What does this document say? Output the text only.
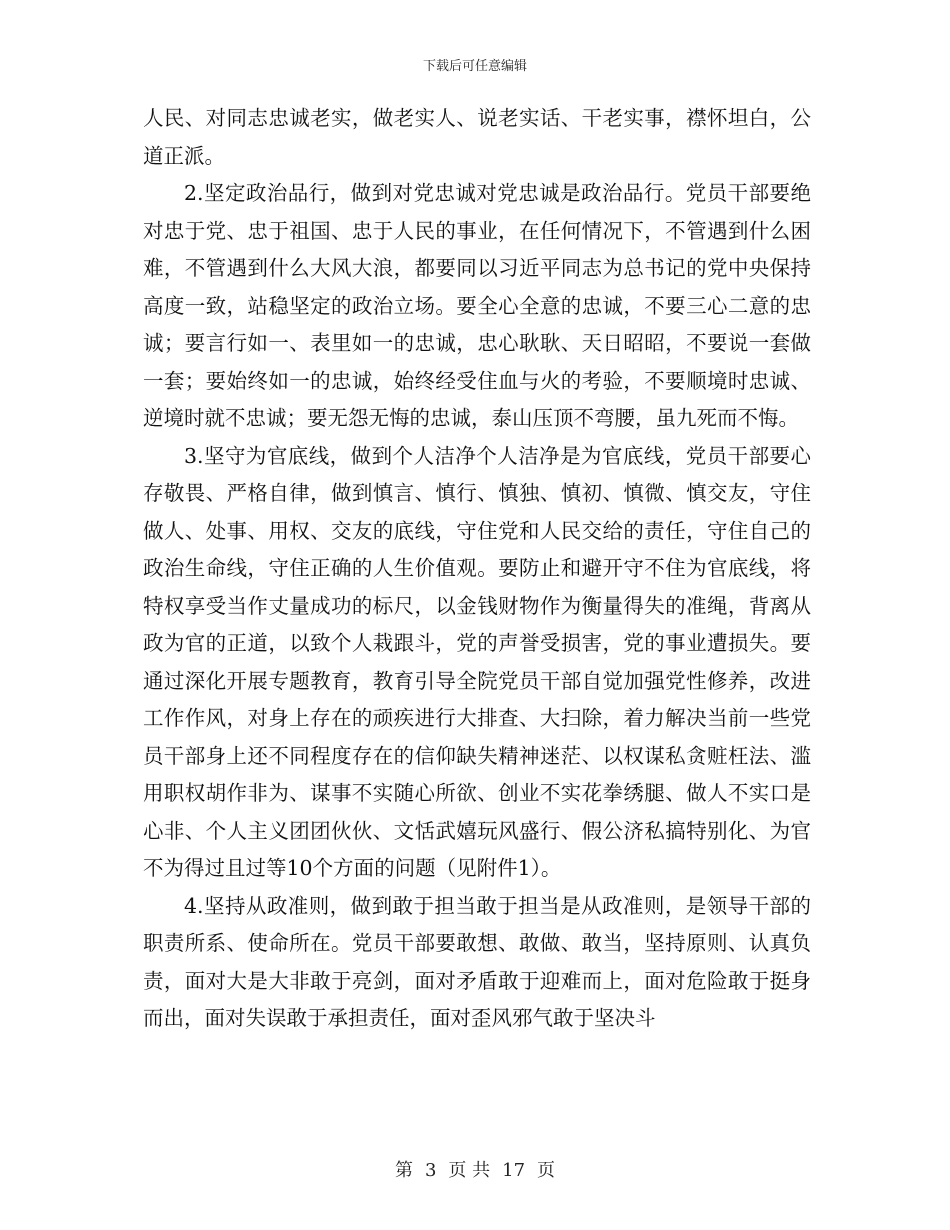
下载后可任意编辑

人民、对同志忠诚老实，做老实人、说老实话、干老实事，襟怀坦白，公道正派。

2.坚定政治品行，做到对党忠诚对党忠诚是政治品行。党员干部要绝对忠于党、忠于祖国、忠于人民的事业，在任何情况下，不管遇到什么困难，不管遇到什么大风大浪，都要同以习近平同志为总书记的党中央保持高度一致，站稳坚定的政治立场。要全心全意的忠诚，不要三心二意的忠诚；要言行如一、表里如一的忠诚，忠心耿耿、天日昭昭，不要说一套做一套；要始终如一的忠诚，始终经受住血与火的考验，不要顺境时忠诚、逆境时就不忠诚；要无怨无悔的忠诚，泰山压顶不弯腰，虽九死而不悔。

3.坚守为官底线，做到个人洁净个人洁净是为官底线，党员干部要心存敬畏、严格自律，做到慎言、慎行、慎独、慎初、慎微、慎交友，守住做人、处事、用权、交友的底线，守住党和人民交给的责任，守住自己的政治生命线，守住正确的人生价值观。要防止和避开守不住为官底线，将特权享受当作丈量成功的标尺，以金钱财物作为衡量得失的准绳，背离从政为官的正道，以致个人栽跟斗，党的声誉受损害，党的事业遭损失。要通过深化开展专题教育，教育引导全院党员干部自觉加强党性修养，改进工作作风，对身上存在的顽疾进行大排查、大扫除，着力解决当前一些党员干部身上还不同程度存在的信仰缺失精神迷茫、以权谋私贪赃枉法、滥用职权胡作非为、谋事不实随心所欲、创业不实花拳绣腿、做人不实口是心非、个人主义团团伙伙、文恬武嬉玩风盛行、假公济私搞特别化、为官不为得过且过等10个方面的问题（见附件1）。

4.坚持从政准则，做到敢于担当敢于担当是从政准则，是领导干部的职责所系、使命所在。党员干部要敢想、敢做、敢当，坚持原则、认真负责，面对大是大非敢于亮剑，面对矛盾敢于迎难而上，面对危险敢于挺身而出，面对失误敢于承担责任，面对歪风邪气敢于坚决斗

第 3 页 共 17 页
